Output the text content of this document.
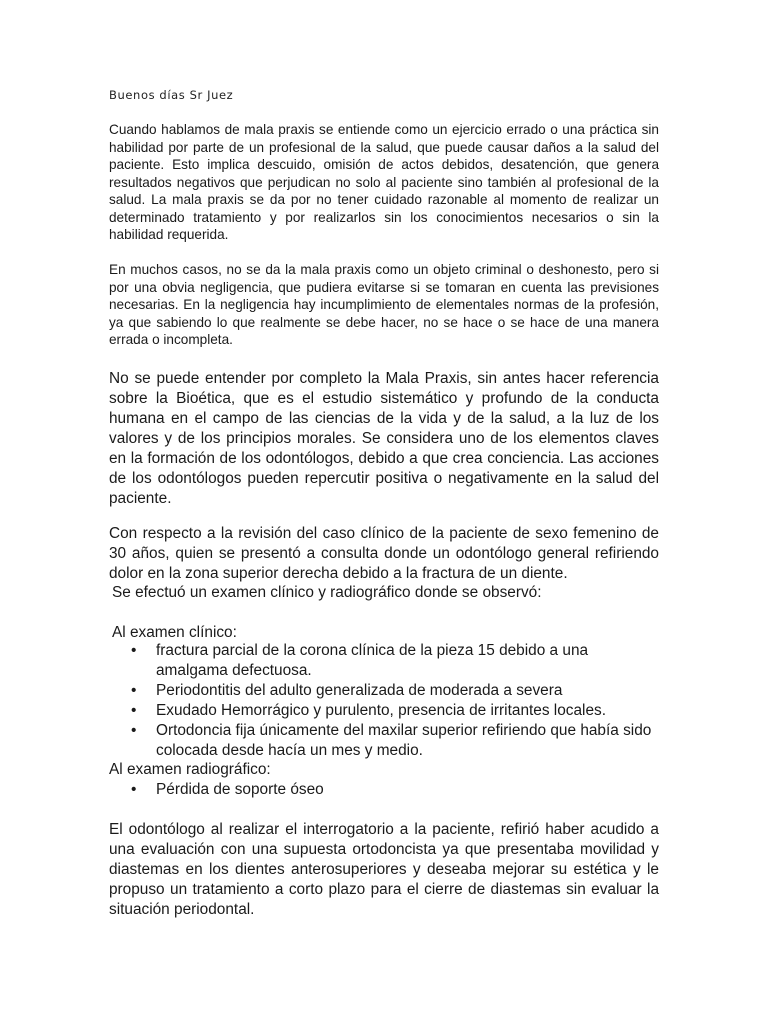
Buenos días Sr Juez

Cuando hablamos de mala praxis se entiende como un ejercicio errado o una práctica sin habilidad por parte de un profesional de la salud, que puede causar daños a la salud del paciente. Esto implica descuido, omisión de actos debidos, desatención, que genera resultados negativos que perjudican no solo al paciente sino también al profesional de la salud. La mala praxis se da por no tener cuidado razonable al momento de realizar un determinado tratamiento y por realizarlos sin los conocimientos necesarios o sin la habilidad requerida.

En muchos casos, no se da la mala praxis como un objeto criminal o deshonesto, pero si por una obvia negligencia, que pudiera evitarse si se tomaran en cuenta las previsiones necesarias. En la negligencia hay incumplimiento de elementales normas de la profesión, ya que sabiendo lo que realmente se debe hacer, no se hace o se hace de una manera errada o incompleta.

No se puede entender por completo la Mala Praxis, sin antes hacer referencia sobre la Bioética, que es el estudio sistemático y profundo de la conducta humana en el campo de las ciencias de la vida y de la salud, a la luz de los valores y de los principios morales. Se considera uno de los elementos claves en la formación de los odontólogos, debido a que crea conciencia. Las acciones de los odontólogos pueden repercutir positiva o negativamente en la salud del paciente.

Con respecto a la revisión del caso clínico de la paciente de sexo femenino de 30 años, quien se presentó a consulta donde un odontólogo general refiriendo dolor en la zona superior derecha debido a la fractura de un diente.

Se efectuó un examen clínico y radiográfico donde se observó:
Al examen clínico:
• fractura parcial de la corona clínica de la pieza 15 debido a una amalgama defectuosa.
• Periodontitis del adulto generalizada de moderada a severa
• Exudado Hemorrágico y purulento, presencia de irritantes locales.
• Ortodoncia fija únicamente del maxilar superior refiriendo que había sido colocada desde hacía un mes y medio.
Al examen radiográfico:
• Pérdida de soporte óseo

El odontólogo al realizar el interrogatorio a la paciente, refirió haber acudido a una evaluación con una supuesta ortodoncista ya que presentaba movilidad y diastemas en los dientes anterosuperiores y deseaba mejorar su estética y le propuso un tratamiento a corto plazo para el cierre de diastemas sin evaluar la situación periodontal.
